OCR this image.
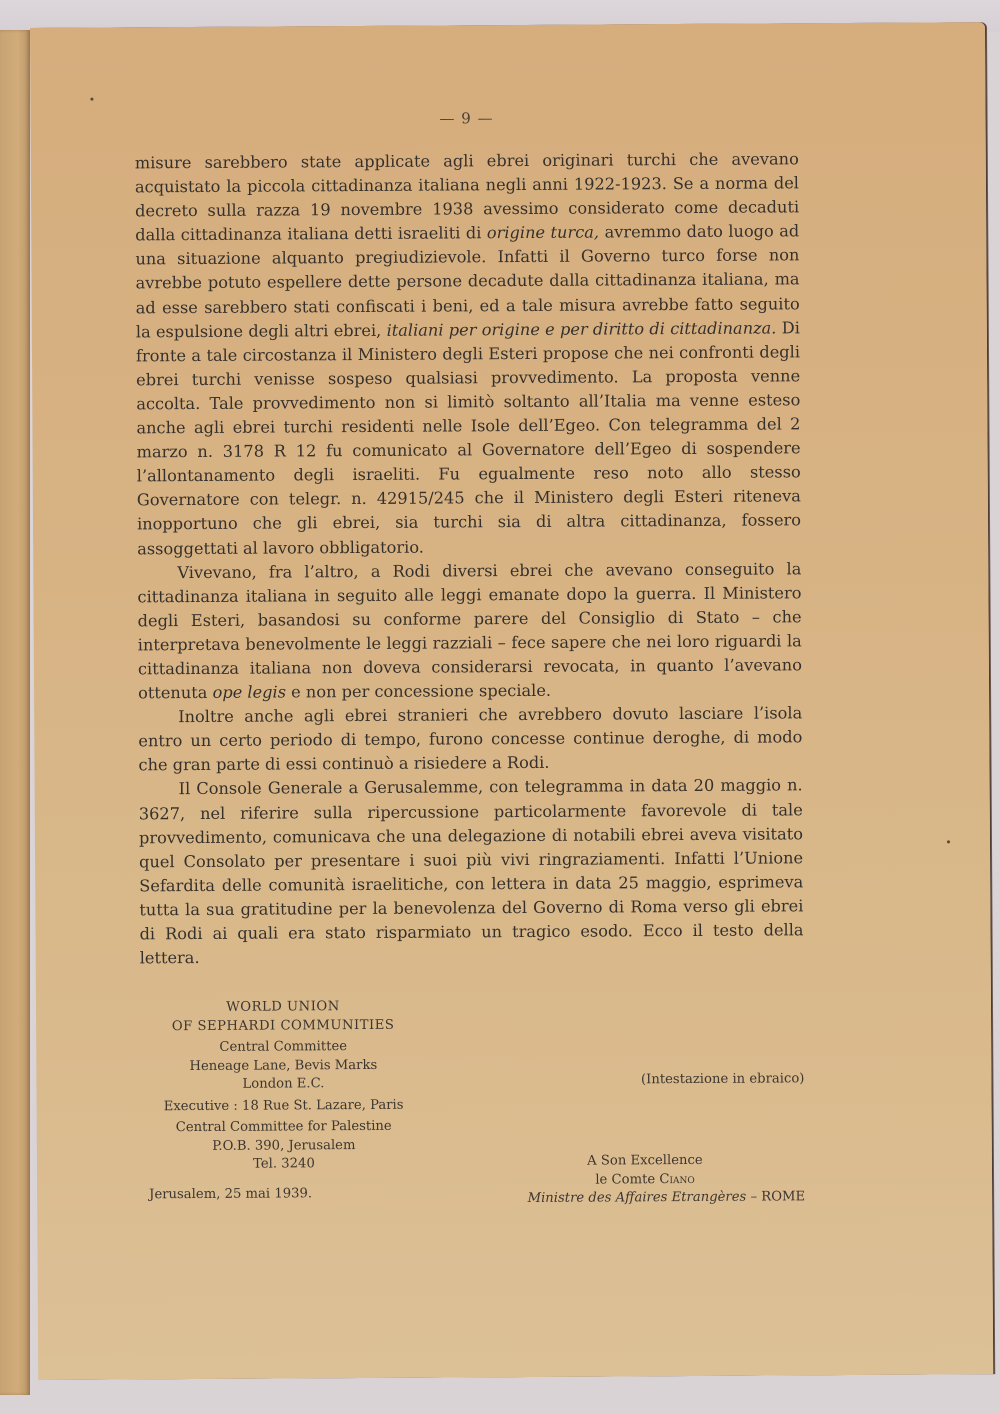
— 9 —

misure sarebbero state applicate agli ebrei originari turchi che avevano acquistato la piccola cittadinanza italiana negli anni 1922-1923. Se a norma del decreto sulla razza 19 novembre 1938 avessimo considerato come decaduti dalla cittadinanza italiana detti israeliti di origine turca, avremmo dato luogo ad una situazione alquanto pregiudizievole. Infatti il Governo turco forse non avrebbe potuto espellere dette persone decadute dalla cittadinanza italiana, ma ad esse sarebbero stati confiscati i beni, ed a tale misura avrebbe fatto seguito la espulsione degli altri ebrei, italiani per origine e per diritto di cittadinanza. Di fronte a tale circostanza il Ministero degli Esteri propose che nei confronti degli ebrei turchi venisse sospeso qualsiasi provvedimento. La proposta venne accolta. Tale provvedimento non si limitò soltanto all’Italia ma venne esteso anche agli ebrei turchi residenti nelle Isole dell’Egeo. Con telegramma del 2 marzo n. 3178 R 12 fu comunicato al Governatore dell’Egeo di sospendere l’allontanamento degli israeliti. Fu egualmente reso noto allo stesso Governatore con telegr. n. 42915/245 che il Ministero degli Esteri riteneva inopportuno che gli ebrei, sia turchi sia di altra cittadinanza, fossero assoggettati al lavoro obbligatorio.

Vivevano, fra l’altro, a Rodi diversi ebrei che avevano conseguito la cittadinanza italiana in seguito alle leggi emanate dopo la guerra. Il Ministero degli Esteri, basandosi su conforme parere del Consiglio di Stato – che interpretava benevolmente le leggi razziali – fece sapere che nei loro riguardi la cittadinanza italiana non doveva considerarsi revocata, in quanto l’avevano ottenuta ope legis e non per concessione speciale.

Inoltre anche agli ebrei stranieri che avrebbero dovuto lasciare l’isola entro un certo periodo di tempo, furono concesse continue deroghe, di modo che gran parte di essi continuò a risiedere a Rodi.

Il Console Generale a Gerusalemme, con telegramma in data 20 maggio n. 3627, nel riferire sulla ripercussione particolarmente favorevole di tale provvedimento, comunicava che una delegazione di notabili ebrei aveva visitato quel Consolato per presentare i suoi più vivi ringraziamenti. Infatti l’Unione Sefardita delle comunità israelitiche, con lettera in data 25 maggio, esprimeva tutta la sua gratitudine per la benevolenza del Governo di Roma verso gli ebrei di Rodi ai quali era stato risparmiato un tragico esodo. Ecco il testo della lettera.

WORLD UNION
OF SEPHARDI COMMUNITIES
Central Committee
Heneage Lane, Bevis Marks
London E.C.
Executive : 18 Rue St. Lazare, Paris
Central Committee for Palestine
P.O.B. 390, Jerusalem
Tel. 3240
Jerusalem, 25 mai 1939.
(Intestazione in ebraico)
A Son Excellence
le Comte Ciano
Ministre des Affaires Etrangères – ROME
